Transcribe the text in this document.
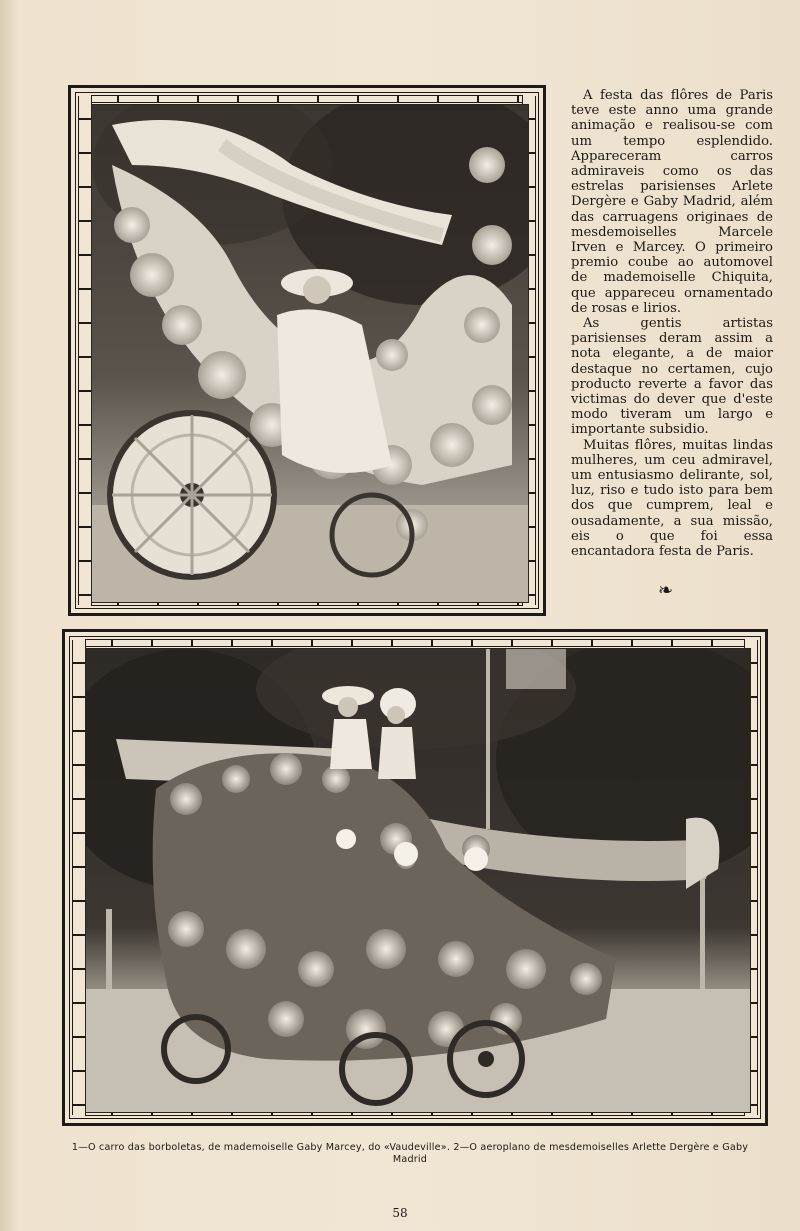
A festa das flôres de Paris teve este anno uma grande animação e realisou-se com um tempo esplendido. Appareceram carros admiraveis como os das estrelas parisienses Arlete Dergère e Gaby Madrid, além das carruagens originaes de mesdemoiselles Marcele Irven e Marcey. O primeiro premio coube ao automovel de mademoiselle Chiquita, que appareceu ornamentado de rosas e lirios.

As gentis artistas parisienses deram assim a nota elegante, a de maior destaque no certamen, cujo producto reverte a favor das victimas do dever que d'este modo tiveram um largo e importante subsidio.

Muitas flôres, muitas lindas mulheres, um ceu admiravel, um entusiasmo delirante, sol, luz, riso e tudo isto para bem dos que cumprem, leal e ousadamente, a sua missão, eis o que foi essa encantadora festa de Paris.

❧
1—O carro das borboletas, de mademoiselle Gaby Marcey, do «Vaudeville». 2—O aeroplano de mesdemoiselles Arlette Dergère e Gaby Madrid
58
